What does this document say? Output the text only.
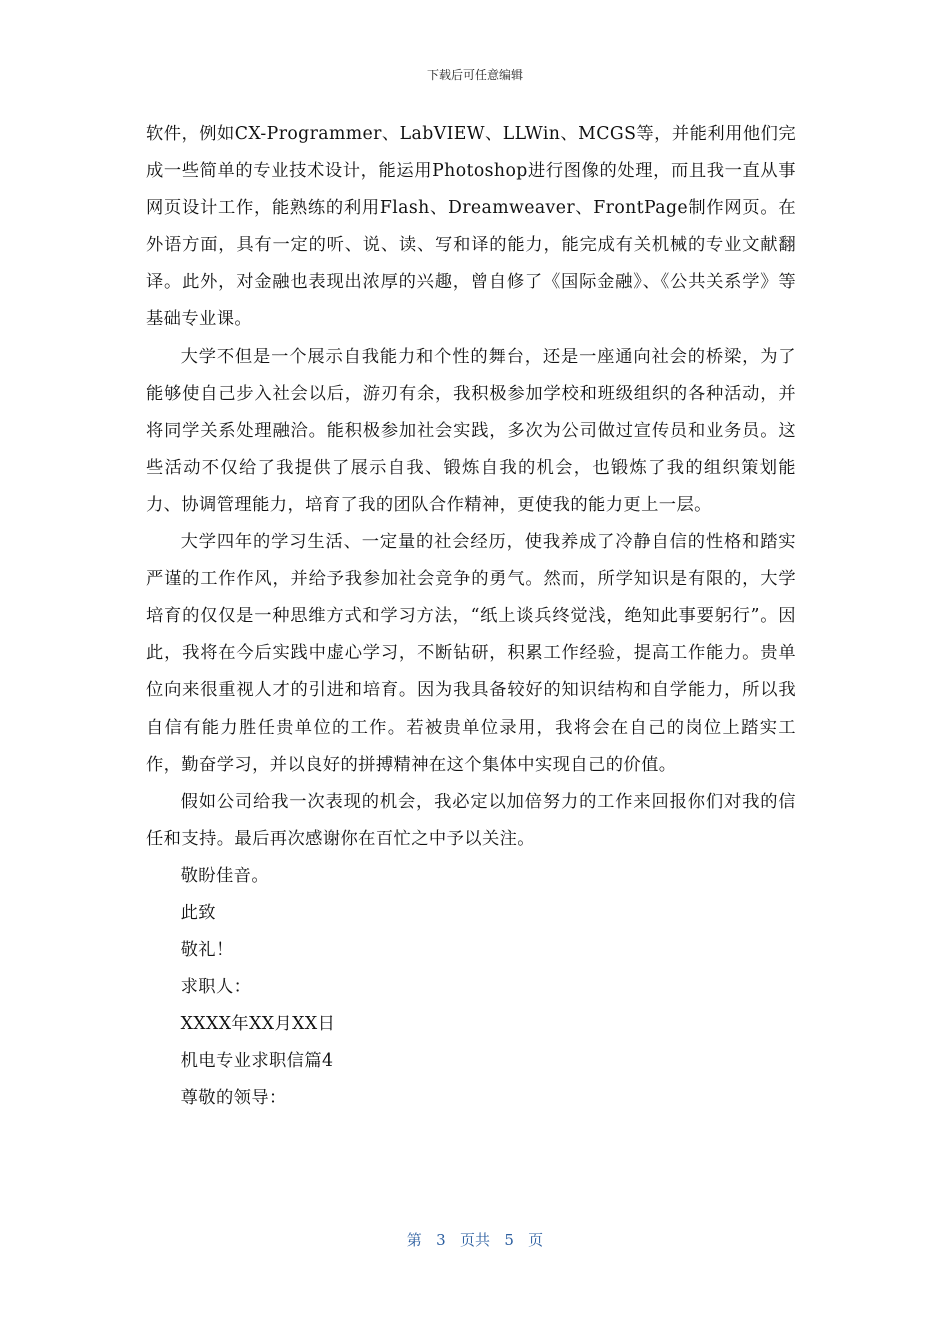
下载后可任意编辑

软件，例如CX-Programmer、LabVIEW、LLWin、MCGS等，并能利用他们完成一些简单的专业技术设计，能运用Photoshop进行图像的处理，而且我一直从事网页设计工作，能熟练的利用Flash、Dreamweaver、FrontPage制作网页。在外语方面，具有一定的听、说、读、写和译的能力，能完成有关机械的专业文献翻译。此外，对金融也表现出浓厚的兴趣，曾自修了《国际金融》、《公共关系学》等基础专业课。

大学不但是一个展示自我能力和个性的舞台，还是一座通向社会的桥梁，为了能够使自己步入社会以后，游刃有余，我积极参加学校和班级组织的各种活动，并将同学关系处理融洽。能积极参加社会实践，多次为公司做过宣传员和业务员。这些活动不仅给了我提供了展示自我、锻炼自我的机会，也锻炼了我的组织策划能力、协调管理能力，培育了我的团队合作精神，更使我的能力更上一层。

大学四年的学习生活、一定量的社会经历，使我养成了冷静自信的性格和踏实严谨的工作作风，并给予我参加社会竞争的勇气。然而，所学知识是有限的，大学培育的仅仅是一种思维方式和学习方法，“纸上谈兵终觉浅，绝知此事要躬行”。因此，我将在今后实践中虚心学习，不断钻研，积累工作经验，提高工作能力。贵单位向来很重视人才的引进和培育。因为我具备较好的知识结构和自学能力，所以我自信有能力胜任贵单位的工作。若被贵单位录用，我将会在自己的岗位上踏实工作，勤奋学习，并以良好的拼搏精神在这个集体中实现自己的价值。

假如公司给我一次表现的机会，我必定以加倍努力的工作来回报你们对我的信任和支持。最后再次感谢你在百忙之中予以关注。

敬盼佳音。

此致

敬礼！

求职人：

XXXX年XX月XX日

机电专业求职信篇4

尊敬的领导：

第 3 页共 5 页
